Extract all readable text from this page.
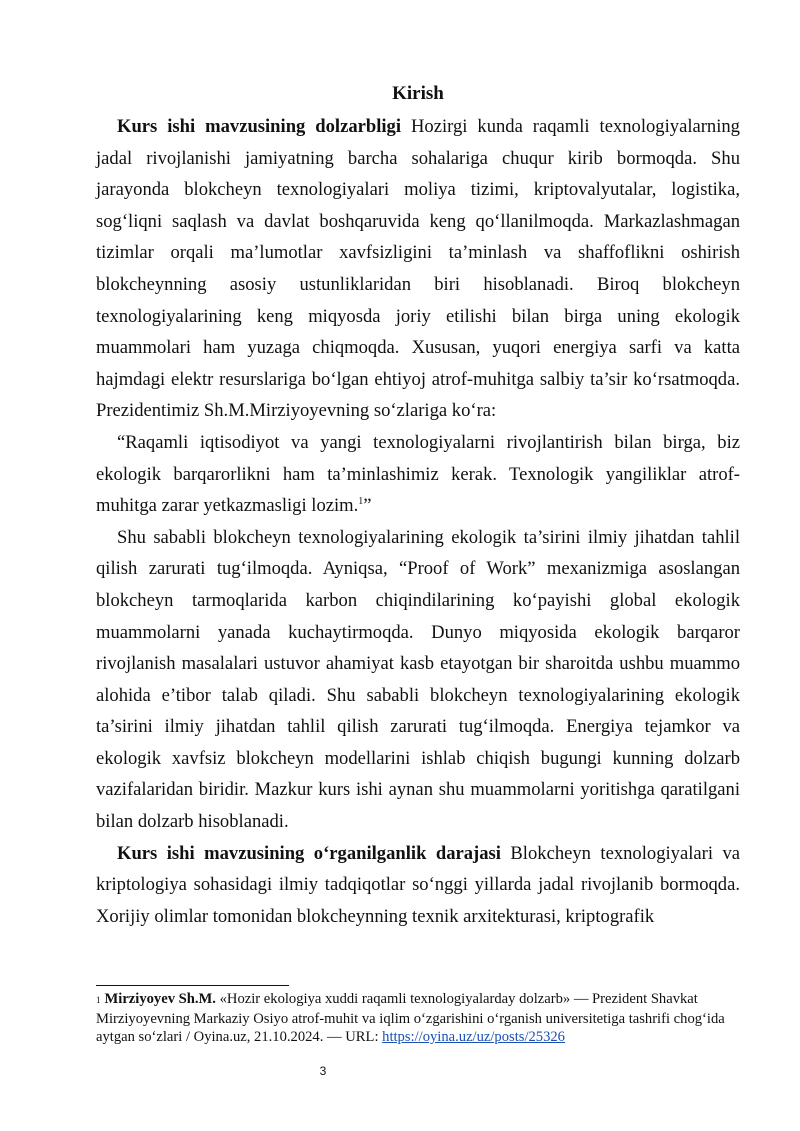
Kirish

Kurs ishi mavzusining dolzarbligi Hozirgi kunda raqamli texnologiyalarning jadal rivojlanishi jamiyatning barcha sohalariga chuqur kirib bormoqda. Shu jarayonda blokcheyn texnologiyalari moliya tizimi, kriptovalyutalar, logistika, sog‘liqni saqlash va davlat boshqaruvida keng qo‘llanilmoqda. Markazlashmagan tizimlar orqali ma’lumotlar xavfsizligini ta’minlash va shaffoflikni oshirish blokcheynning asosiy ustunliklaridan biri hisoblanadi. Biroq blokcheyn texnologiyalarining keng miqyosda joriy etilishi bilan birga uning ekologik muammolari ham yuzaga chiqmoqda. Xususan, yuqori energiya sarfi va katta hajmdagi elektr resurslariga bo‘lgan ehtiyoj atrof-muhitga salbiy ta’sir ko‘rsatmoqda. Prezidentimiz Sh.M.Mirziyoyevning so‘zlariga ko‘ra:

“Raqamli iqtisodiyot va yangi texnologiyalarni rivojlantirish bilan birga, biz ekologik barqarorlikni ham ta’minlashimiz kerak. Texnologik yangiliklar atrof-muhitga zarar yetkazmasligi lozim.$^1$”

Shu sababli blokcheyn texnologiyalarining ekologik ta’sirini ilmiy jihatdan tahlil qilish zarurati tug‘ilmoqda. Ayniqsa, “Proof of Work” mexanizmiga asoslangan blokcheyn tarmoqlarida karbon chiqindilarining ko‘payishi global ekologik muammolarni yanada kuchaytirmoqda. Dunyo miqyosida ekologik barqaror rivojlanish masalalari ustuvor ahamiyat kasb etayotgan bir sharoitda ushbu muammo alohida e’tibor talab qiladi. Shu sababli blokcheyn texnologiyalarining ekologik ta’sirini ilmiy jihatdan tahlil qilish zarurati tug‘ilmoqda. Energiya tejamkor va ekologik xavfsiz blokcheyn modellarini ishlab chiqish bugungi kunning dolzarb vazifalaridan biridir. Mazkur kurs ishi aynan shu muammolarni yoritishga qaratilgani bilan dolzarb hisoblanadi.

Kurs ishi mavzusining o‘rganilganlik darajasi Blokcheyn texnologiyalari va kriptologiya sohasidagi ilmiy tadqiqotlar so‘nggi yillarda jadal rivojlanib bormoqda. Xorijiy olimlar tomonidan blokcheynning texnik arxitekturasi, kriptografik

1 Mirziyoyev Sh.M. «Hozir ekologiya xuddi raqamli texnologiyalarday dolzarb» — Prezident Shavkat Mirziyoyevning Markaziy Osiyo atrof-muhit va iqlim o‘zgarishini o‘rganish universitetiga tashrifi chog‘ida aytgan so‘zlari / Oyina.uz, 21.10.2024. — URL: https://oyina.uz/uz/posts/25326

3
